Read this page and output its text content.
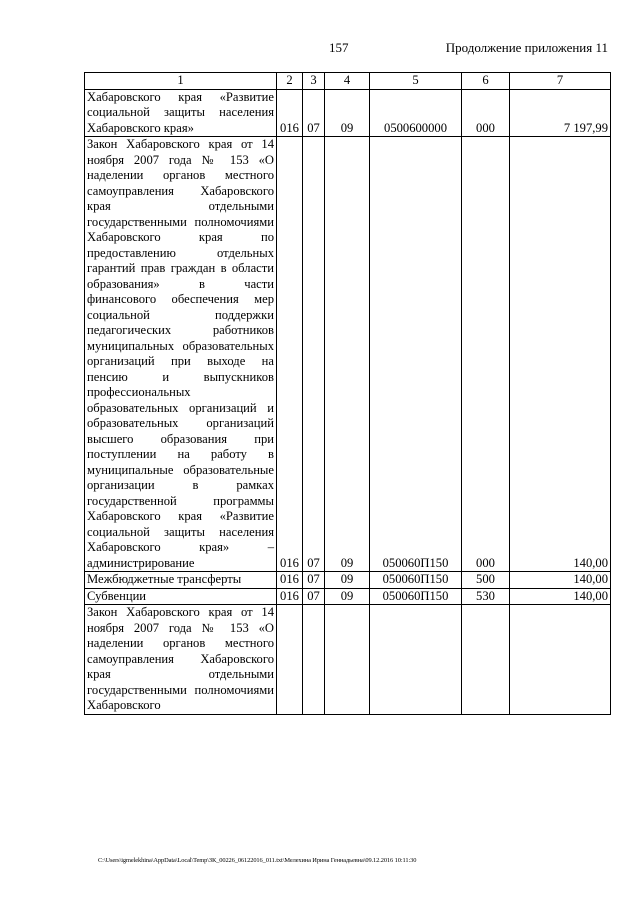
157	Продолжение приложения 11
1	2	3	4	5	6	7
Хабаровского края «Развитие социальной защиты населения Хабаровского края»	016	07	09	0500600000	000	7 197,99
Закон Хабаровского края от 14 ноября 2007 года № 153 «О наделении органов местного самоуправления Хабаровского края отдельными государственными полномочиями Хабаровского края по предоставлению отдельных гарантий прав граждан в области образования» в части финансового обеспечения мер социальной поддержки педагогических работников муниципальных образовательных организаций при выходе на пенсию и выпускников профессиональных образовательных организаций и образовательных организаций высшего образования при поступлении на работу в муниципальные образовательные организации в рамках государственной программы Хабаровского края «Развитие социальной защиты населения Хабаровского края» – администрирование	016	07	09	050060П150	000	140,00
Межбюджетные трансферты	016	07	09	050060П150	500	140,00
Субвенции	016	07	09	050060П150	530	140,00
Закон Хабаровского края от 14 ноября 2007 года № 153 «О наделении органов местного самоуправления Хабаровского края отдельными государственными полномочиями Хабаровского						
C:\Users\igmelekhina\AppData\Local\Temp\ЗК_00226_06122016_011.txt\Мелехина Ирина Геннадьевна\09.12.2016 10:11:30
